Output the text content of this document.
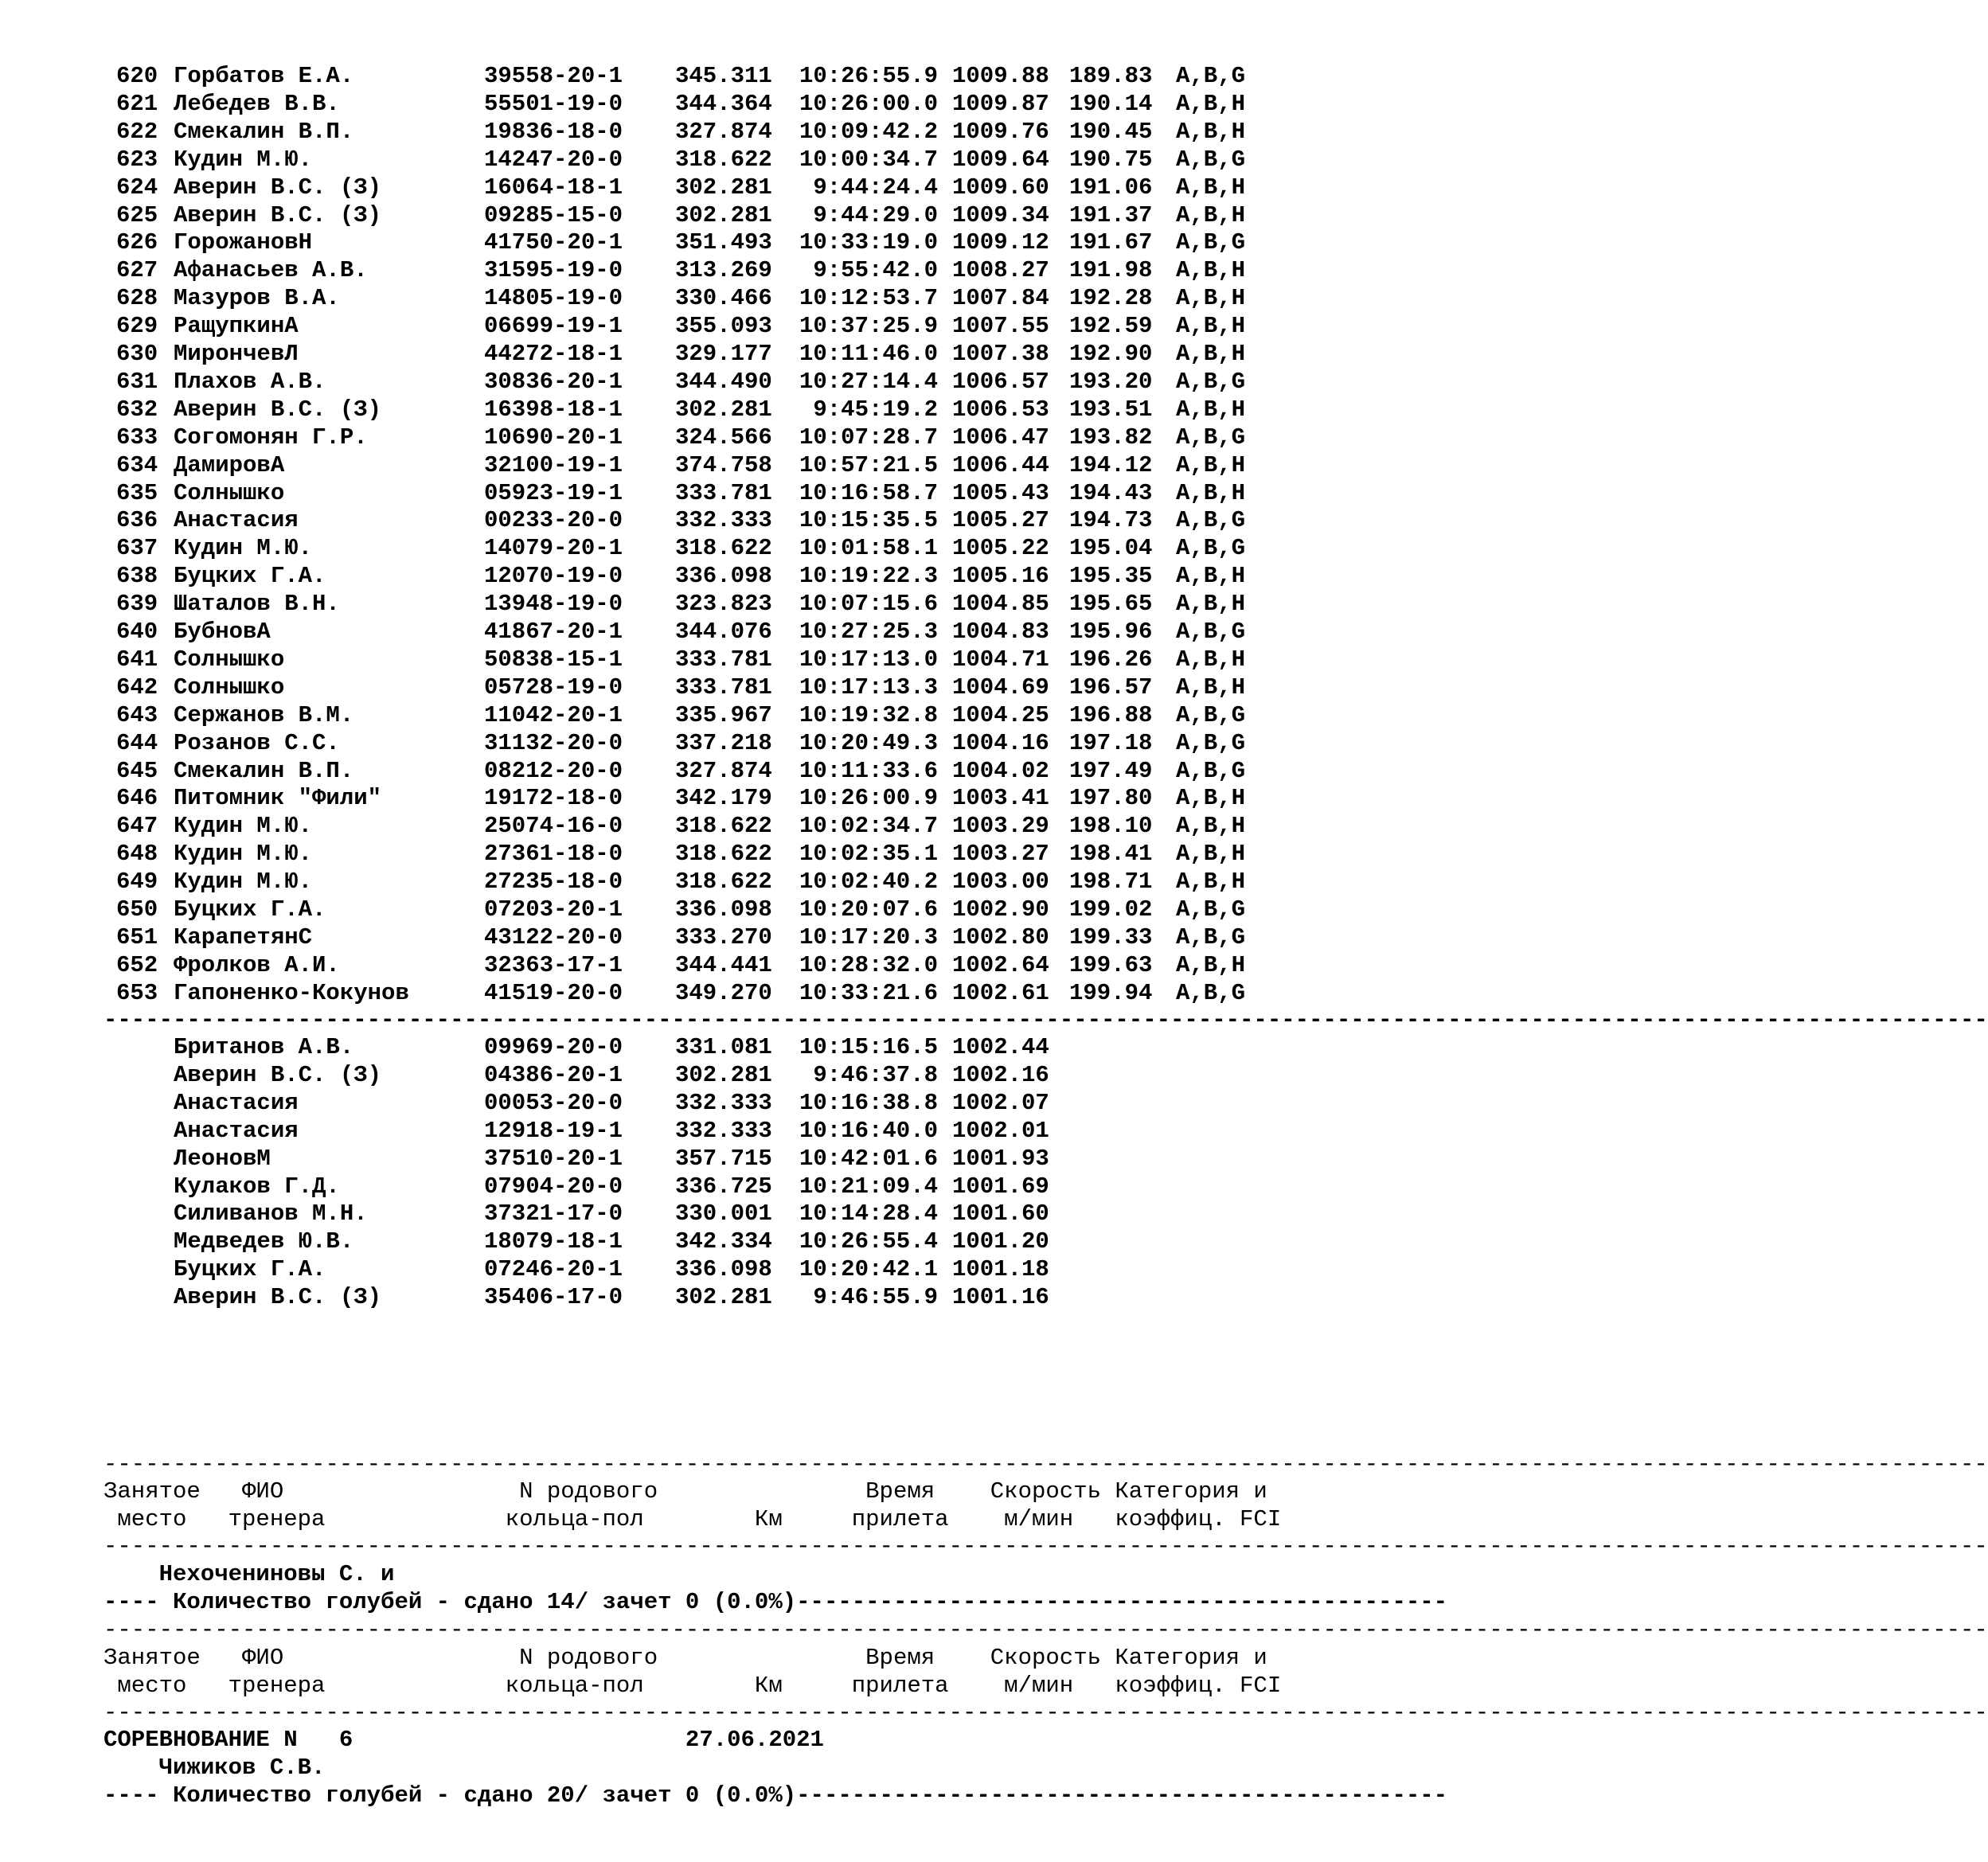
620 Горбатов Е.А.	39558-20-1 345.311	10:26:55.9 1009.88 189.83 A,B,G
621 Лебедев В.В.	55501-19-0 344.364	10:26:00.0 1009.87 190.14 A,B,H
622 Смекалин В.П.	19836-18-0 327.874	10:09:42.2 1009.76 190.45 A,B,H
623 Кудин М.Ю.	14247-20-0 318.622	10:00:34.7 1009.64 190.75 A,B,G
624 Аверин В.С. (З)	16064-18-1 302.281	9:44:24.4 1009.60 191.06 A,B,H
625 Аверин В.С. (З)	09285-15-0 302.281	9:44:29.0 1009.34 191.37 A,B,H
626 ГорожановН	41750-20-1 351.493	10:33:19.0 1009.12 191.67 A,B,G
627 Афанасьев А.В.	31595-19-0 313.269	9:55:42.0 1008.27 191.98 A,B,H
628 Мазуров В.А.	14805-19-0 330.466	10:12:53.7 1007.84 192.28 A,B,H
629 РащупкинА	06699-19-1 355.093	10:37:25.9 1007.55 192.59 A,B,H
630 МирончевЛ	44272-18-1 329.177	10:11:46.0 1007.38 192.90 A,B,H
631 Плахов А.В.	30836-20-1 344.490	10:27:14.4 1006.57 193.20 A,B,G
632 Аверин В.С. (З)	16398-18-1 302.281	9:45:19.2 1006.53 193.51 A,B,H
633 Согомонян Г.Р.	10690-20-1 324.566	10:07:28.7 1006.47 193.82 A,B,G
634 ДамировА	32100-19-1 374.758	10:57:21.5 1006.44 194.12 A,B,H
635 Солнышко	05923-19-1 333.781	10:16:58.7 1005.43 194.43 A,B,H
636 Анастасия	00233-20-0 332.333	10:15:35.5 1005.27 194.73 A,B,G
637 Кудин М.Ю.	14079-20-1 318.622	10:01:58.1 1005.22 195.04 A,B,G
638 Буцких Г.А.	12070-19-0 336.098	10:19:22.3 1005.16 195.35 A,B,H
639 Шаталов В.Н.	13948-19-0 323.823	10:07:15.6 1004.85 195.65 A,B,H
640 БубновА	41867-20-1 344.076	10:27:25.3 1004.83 195.96 A,B,G
641 Солнышко	50838-15-1 333.781	10:17:13.0 1004.71 196.26 A,B,H
642 Солнышко	05728-19-0 333.781	10:17:13.3 1004.69 196.57 A,B,H
643 Сержанов В.М.	11042-20-1 335.967	10:19:32.8 1004.25 196.88 A,B,G
644 Розанов С.С.	31132-20-0 337.218	10:20:49.3 1004.16 197.18 A,B,G
645 Смекалин В.П.	08212-20-0 327.874	10:11:33.6 1004.02 197.49 A,B,G
646 Питомник "Фили"	19172-18-0 342.179	10:26:00.9 1003.41 197.80 A,B,H
647 Кудин М.Ю.	25074-16-0 318.622	10:02:34.7 1003.29 198.10 A,B,H
648 Кудин М.Ю.	27361-18-0 318.622	10:02:35.1 1003.27 198.41 A,B,H
649 Кудин М.Ю.	27235-18-0 318.622	10:02:40.2 1003.00 198.71 A,B,H
650 Буцких Г.А.	07203-20-1 336.098	10:20:07.6 1002.90 199.02 A,B,G
651 КарапетянС	43122-20-0 333.270	10:17:20.3 1002.80 199.33 A,B,G
652 Фролков А.И.	32363-17-1 344.441	10:28:32.0 1002.64 199.63 A,B,H
653 Гапоненко-Кокунов	41519-20-0 349.270	10:33:21.6 1002.61 199.94 A,B,G
----------------------------------------------------------------------------------------------------------------------------------------
Британов А.В.	09969-20-0 331.081	10:15:16.5 1002.44
Аверин В.С. (З)	04386-20-1 302.281	9:46:37.8 1002.16
Анастасия	00053-20-0 332.333	10:16:38.8 1002.07
Анастасия	12918-19-1 332.333	10:16:40.0 1002.01
ЛеоновМ	37510-20-1 357.715	10:42:01.6 1001.93
Кулаков Г.Д.	07904-20-0 336.725	10:21:09.4 1001.69
Силиванов М.Н.	37321-17-0 330.001	10:14:28.4 1001.60
Медведев Ю.В.	18079-18-1 342.334	10:26:55.4 1001.20
Буцких Г.А.	07246-20-1 336.098	10:20:42.1 1001.18
Аверин В.С. (З)	35406-17-0 302.281	9:46:55.9 1001.16
----------------------------------------------------------------------------------------------------------------------------------------
Занятое   ФИО                 N родового               Время    Скорость Категория и
место   тренера             кольца-пол        Км     прилета    м/мин   коэффиц. FCI
----------------------------------------------------------------------------------------------------------------------------------------
Нехочениновы С. и
---- Количество голубей - сдано 14/ зачет 0 (0.0%)-----------------------------------------------
----------------------------------------------------------------------------------------------------------------------------------------
Занятое   ФИО                 N родового               Время    Скорость Категория и
место   тренера             кольца-пол        Км     прилета    м/мин   коэффиц. FCI
----------------------------------------------------------------------------------------------------------------------------------------
СОРЕВНОВАНИЕ N   6                        27.06.2021
Чижиков С.В.
---- Количество голубей - сдано 20/ зачет 0 (0.0%)-----------------------------------------------
